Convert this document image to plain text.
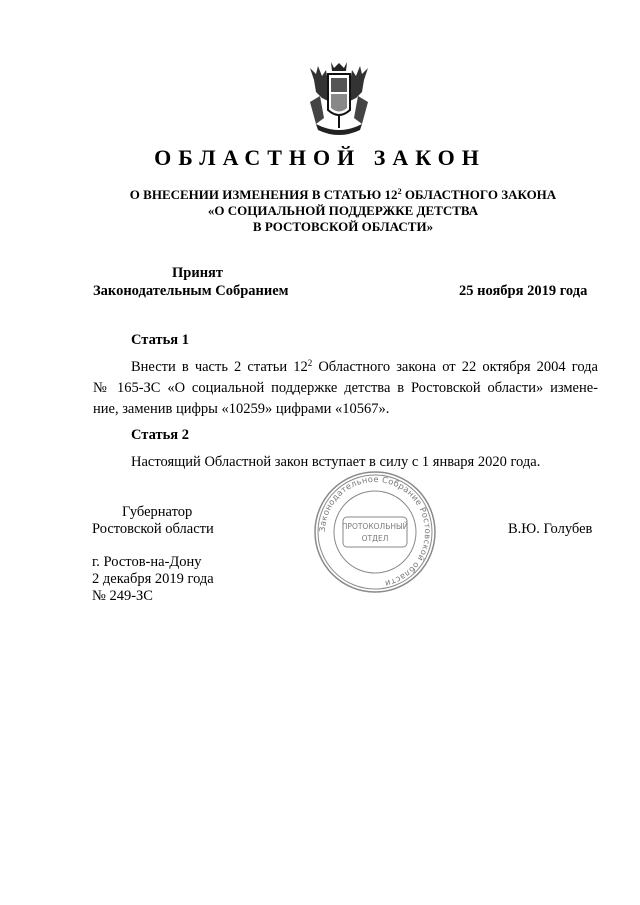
ОБЛАСТНОЙ ЗАКОН
О ВНЕСЕНИИ ИЗМЕНЕНИЯ В СТАТЬЮ $12^2$ ОБЛАСТНОГО ЗАКОНА
«О СОЦИАЛЬНОЙ ПОДДЕРЖКЕ ДЕТСТВА
В РОСТОВСКОЙ ОБЛАСТИ»
Принят
Законодательным Собранием	25 ноября 2019 года
Статья 1
Внести в часть 2 статьи $12^2$ Областного закона от 22 октября 2004 года
№ 165-ЗС «О социальной поддержке детства в Ростовской области» измене-
ние, заменив цифры «10259» цифрами «10567».
Статья 2
Настоящий Областной закон вступает в силу с 1 января 2020 года.
Губернатор
Ростовской области	В.Ю. Голубев
г. Ростов-на-Дону
2 декабря 2019 года
№ 249-ЗС
Законодательное Собрание Ростовской области
ПРОТОКОЛЬНЫЙ
ОТДЕЛ
